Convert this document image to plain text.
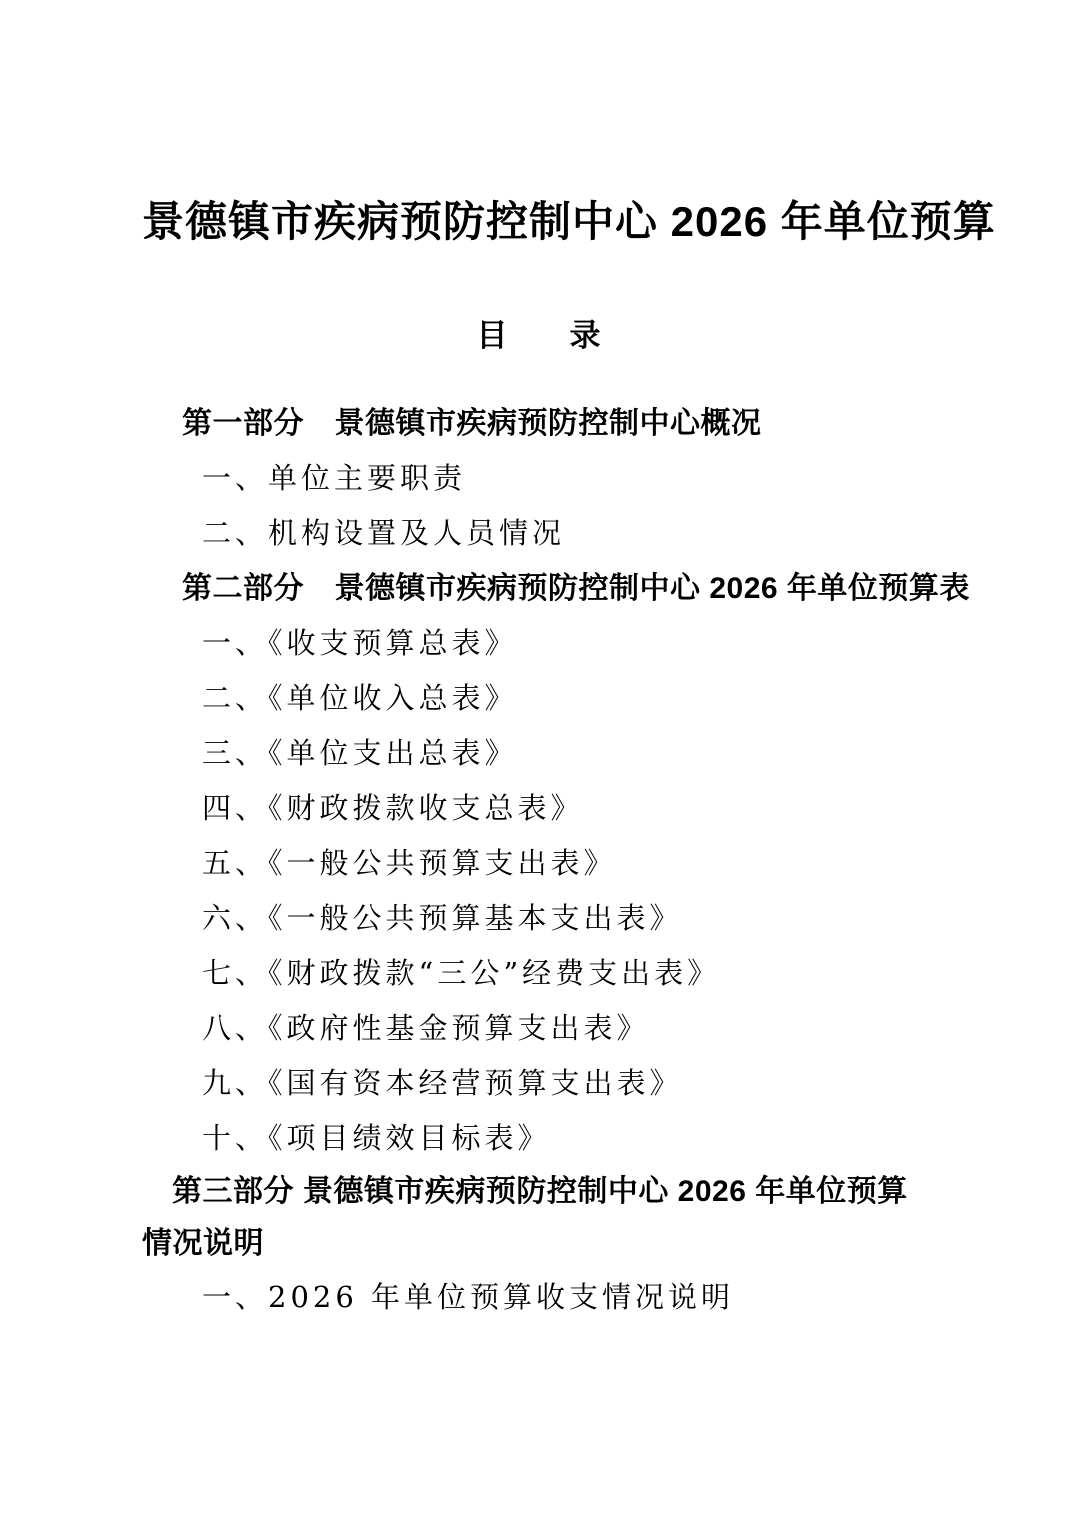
景德镇市疾病预防控制中心 2026 年单位预算
目　　录
第一部分　景德镇市疾病预防控制中心概况
一、单位主要职责
二、机构设置及人员情况
第二部分　景德镇市疾病预防控制中心 2026 年单位预算表
一、《收支预算总表》
二、《单位收入总表》
三、《单位支出总表》
四、《财政拨款收支总表》
五、《一般公共预算支出表》
六、《一般公共预算基本支出表》
七、《财政拨款“三公”经费支出表》
八、《政府性基金预算支出表》
九、《国有资本经营预算支出表》
十、《项目绩效目标表》
第三部分 景德镇市疾病预防控制中心 2026 年单位预算情况说明
一、2026 年单位预算收支情况说明
